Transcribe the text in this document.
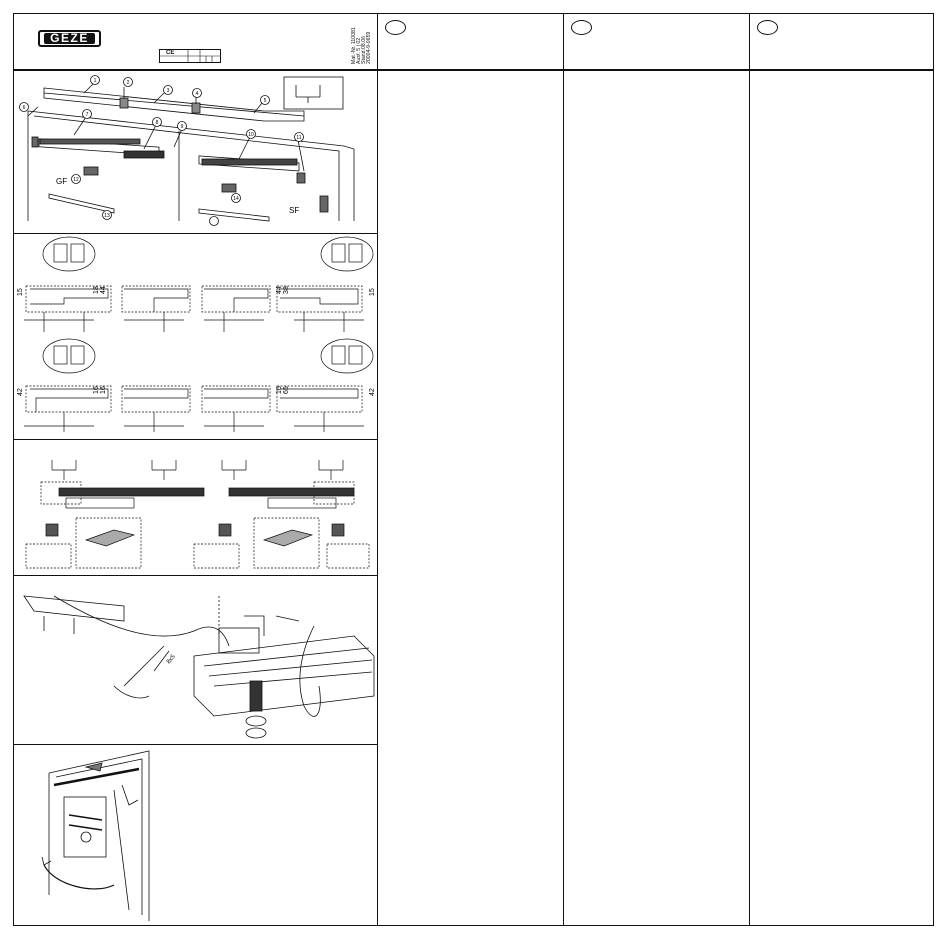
GEZE
CE	Mat.-Nr. 110081 Ausf. 5 | 02 Stand:08.06 20004-9-0659
GF
SF
1	2
3	4
5
6
7
8
9
10	11
12
13
14
15	18 44	44 38	15
42	16 16	16 65	42
8x5
